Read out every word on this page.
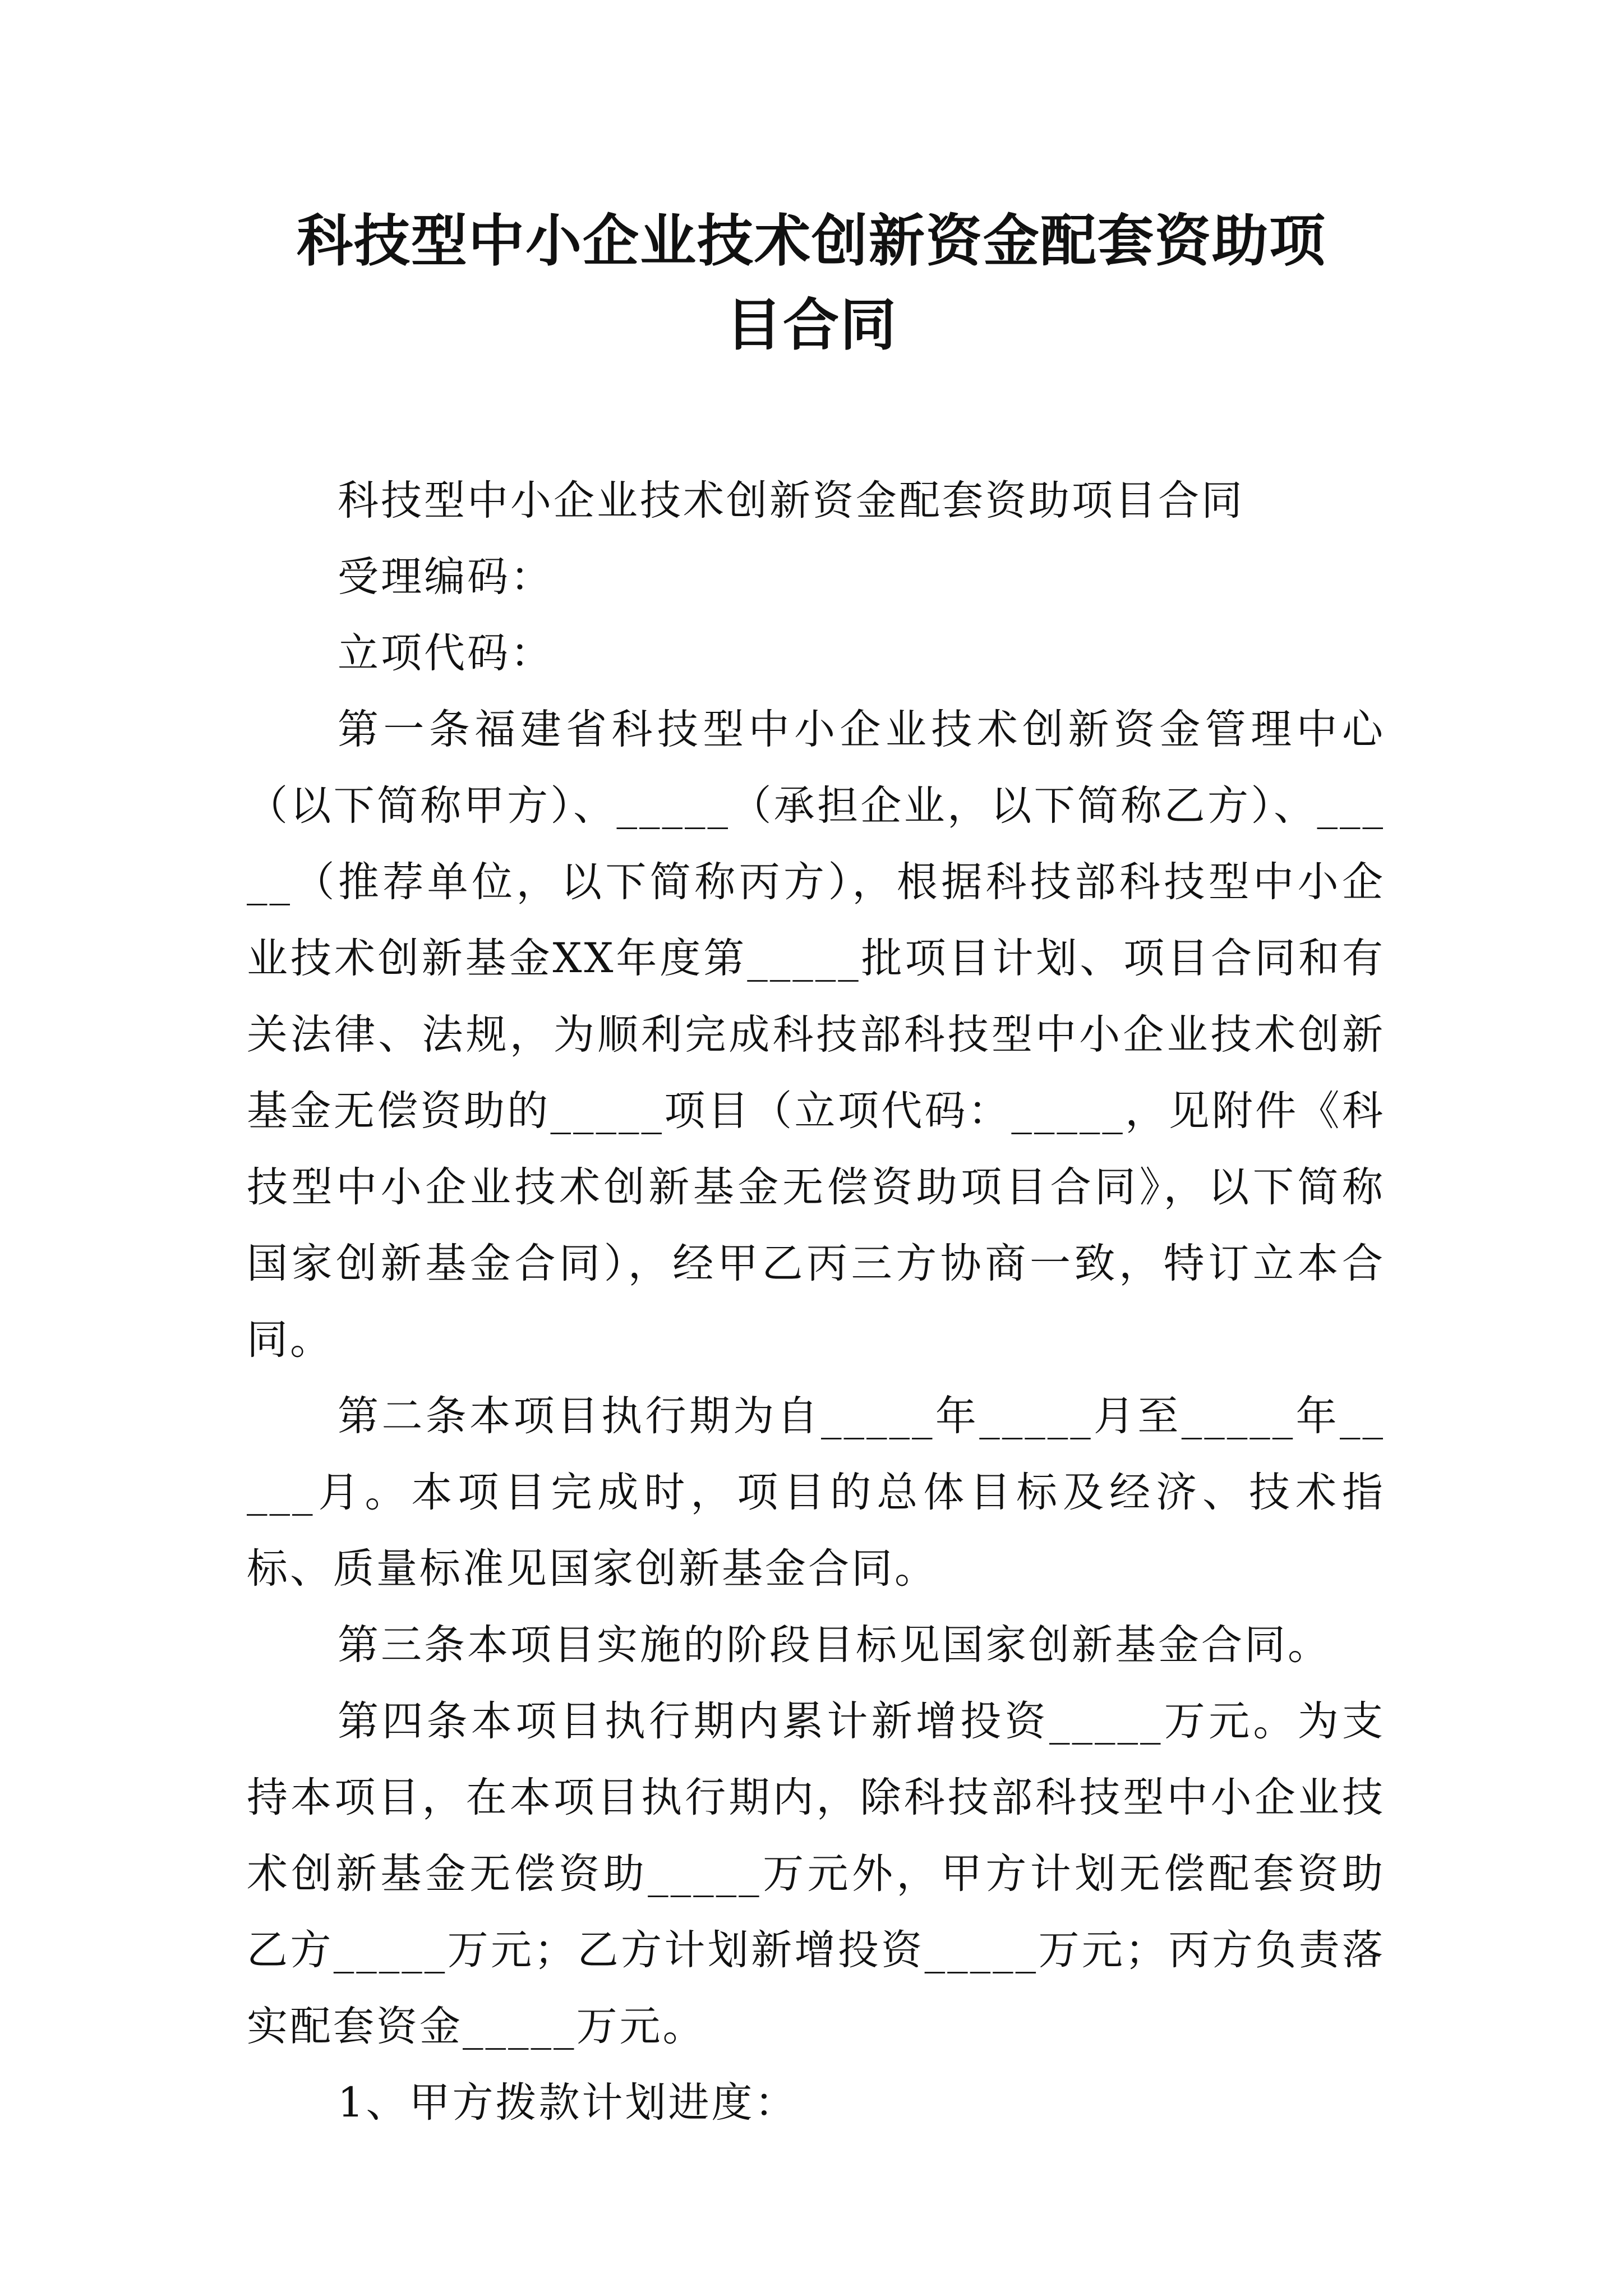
科技型中小企业技术创新资金配套资助项
目合同

科技型中小企业技术创新资金配套资助项目合同

受理编码：

立项代码：

第一条福建省科技型中小企业技术创新资金管理中心（以下简称甲方）、_____（承担企业，以下简称乙方）、_____（推荐单位，以下简称丙方），根据科技部科技型中小企业技术创新基金XX年度第_____批项目计划、项目合同和有关法律、法规，为顺利完成科技部科技型中小企业技术创新基金无偿资助的_____项目（立项代码：_____，见附件《科技型中小企业技术创新基金无偿资助项目合同》，以下简称国家创新基金合同），经甲乙丙三方协商一致，特订立本合同。

第二条本项目执行期为自_____年_____月至_____年_____月。本项目完成时，项目的总体目标及经济、技术指标、质量标准见国家创新基金合同。

第三条本项目实施的阶段目标见国家创新基金合同。

第四条本项目执行期内累计新增投资_____万元。为支持本项目，在本项目执行期内，除科技部科技型中小企业技术创新基金无偿资助_____万元外，甲方计划无偿配套资助乙方_____万元；乙方计划新增投资_____万元；丙方负责落实配套资金_____万元。

1、甲方拨款计划进度：
